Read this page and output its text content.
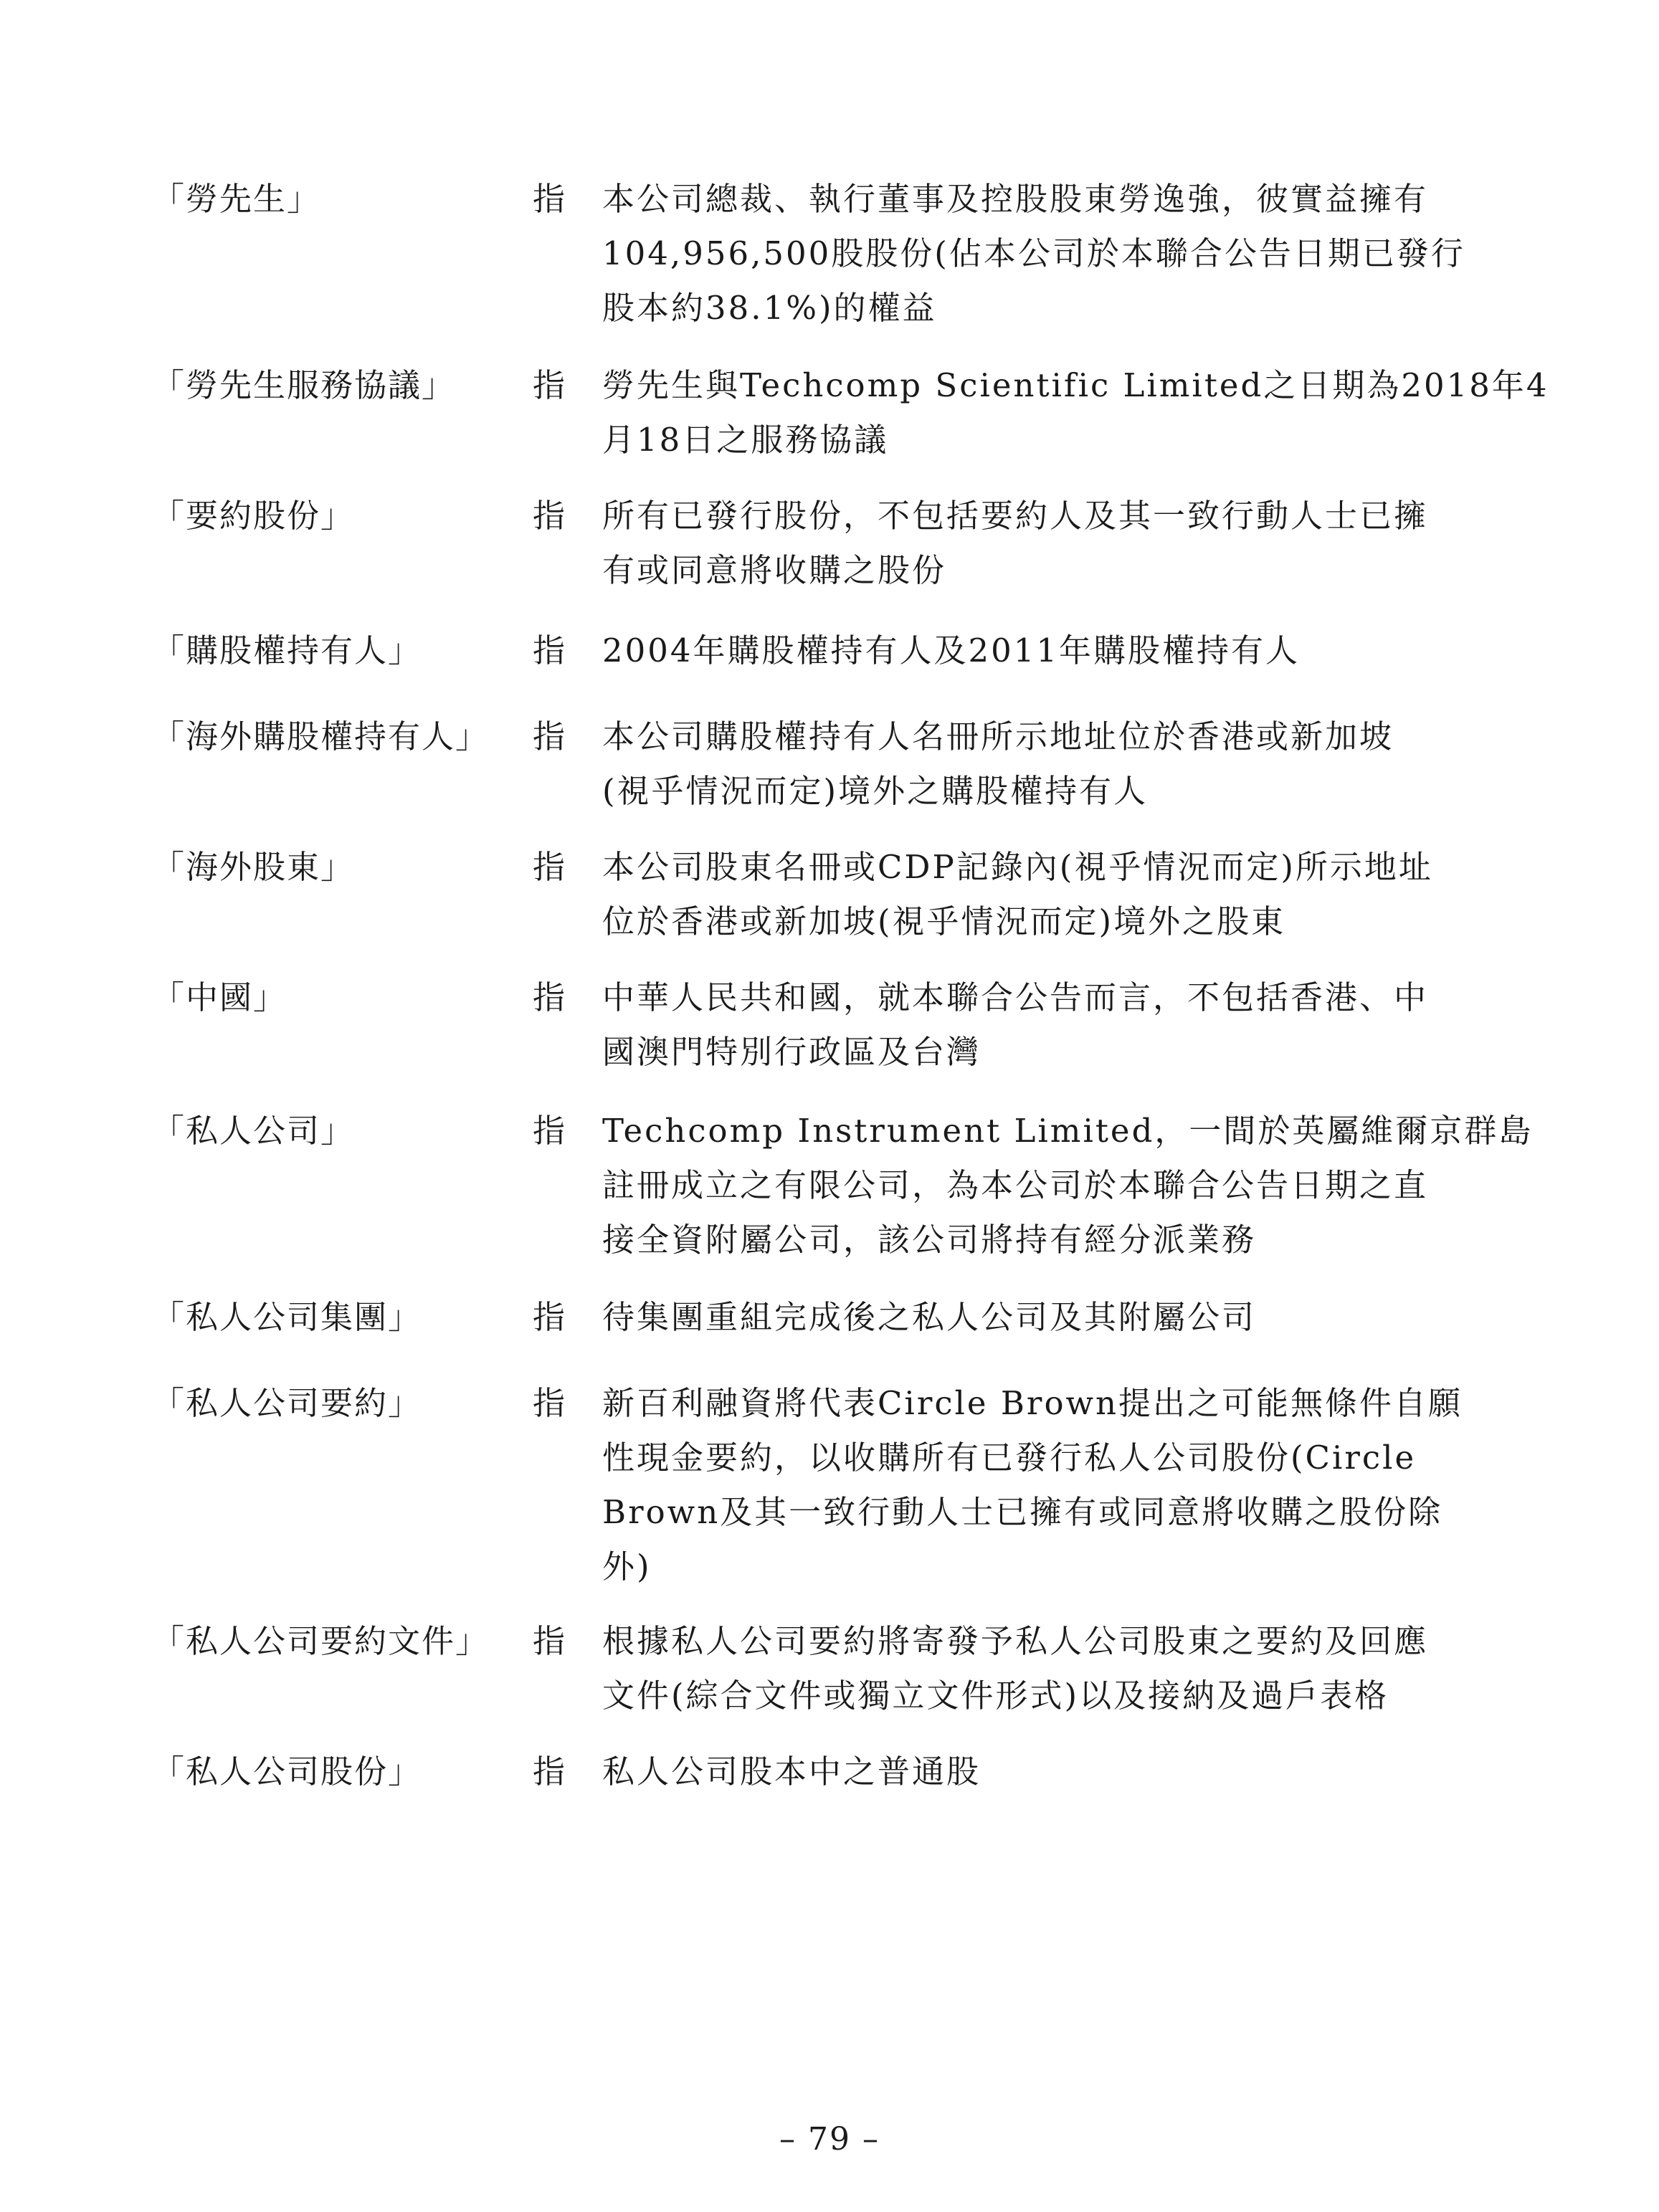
「勞先生」	指 本公司總裁、執行董事及控股股東勞逸強，彼實益擁有
104,956,500股股份(佔本公司於本聯合公告日期已發行
股本約38.1%)的權益
「勞先生服務協議」 指 勞先生與Techcomp Scientific Limited之日期為2018年4
月18日之服務協議
「要約股份」	指 所有已發行股份，不包括要約人及其一致行動人士已擁
有或同意將收購之股份
「購股權持有人」	指 2004年購股權持有人及2011年購股權持有人
「海外購股權持有人」 指 本公司購股權持有人名冊所示地址位於香港或新加坡
(視乎情況而定)境外之購股權持有人
「海外股東」	指 本公司股東名冊或CDP記錄內(視乎情況而定)所示地址
位於香港或新加坡(視乎情況而定)境外之股東
「中國」	指 中華人民共和國，就本聯合公告而言，不包括香港、中
國澳門特別行政區及台灣
「私人公司」	指 Techcomp Instrument Limited，一間於英屬維爾京群島
註冊成立之有限公司，為本公司於本聯合公告日期之直
接全資附屬公司，該公司將持有經分派業務
「私人公司集團」	指 待集團重組完成後之私人公司及其附屬公司
「私人公司要約」	指 新百利融資將代表Circle Brown提出之可能無條件自願
性現金要約，以收購所有已發行私人公司股份(Circle
Brown及其一致行動人士已擁有或同意將收購之股份除
外)
「私人公司要約文件」 指 根據私人公司要約將寄發予私人公司股東之要約及回應
文件(綜合文件或獨立文件形式)以及接納及過戶表格
「私人公司股份」	指 私人公司股本中之普通股
– 79 –
